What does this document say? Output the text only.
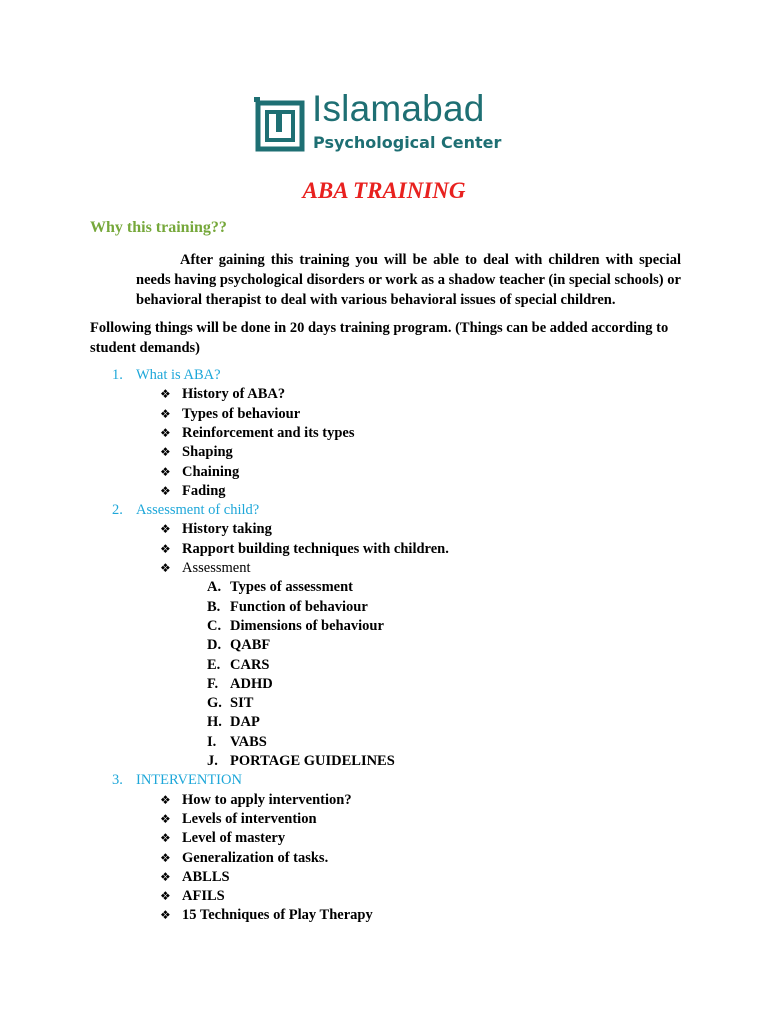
Islamabad
Psychological Center
ABA TRAINING
Why this training??

After gaining this training you will be able to deal with children with special needs having psychological disorders or work as a shadow teacher (in special schools) or behavioral therapist to deal with various behavioral issues of special children.

Following things will be done in 20 days training program. (Things can be added according to student demands)

1. What is ABA?
❖ History of ABA?
❖ Types of behaviour
❖ Reinforcement and its types
❖ Shaping
❖ Chaining
❖ Fading
2. Assessment of child?
❖ History taking
❖ Rapport building techniques with children.
❖ Assessment
A. Types of assessment
B. Function of behaviour
C. Dimensions of behaviour
D. QABF
E. CARS
F. ADHD
G. SIT
H. DAP
I. VABS
J. PORTAGE GUIDELINES
3. INTERVENTION
❖ How to apply intervention?
❖ Levels of intervention
❖ Level of mastery
❖ Generalization of tasks.
❖ ABLLS
❖ AFILS
❖ 15 Techniques of Play Therapy
